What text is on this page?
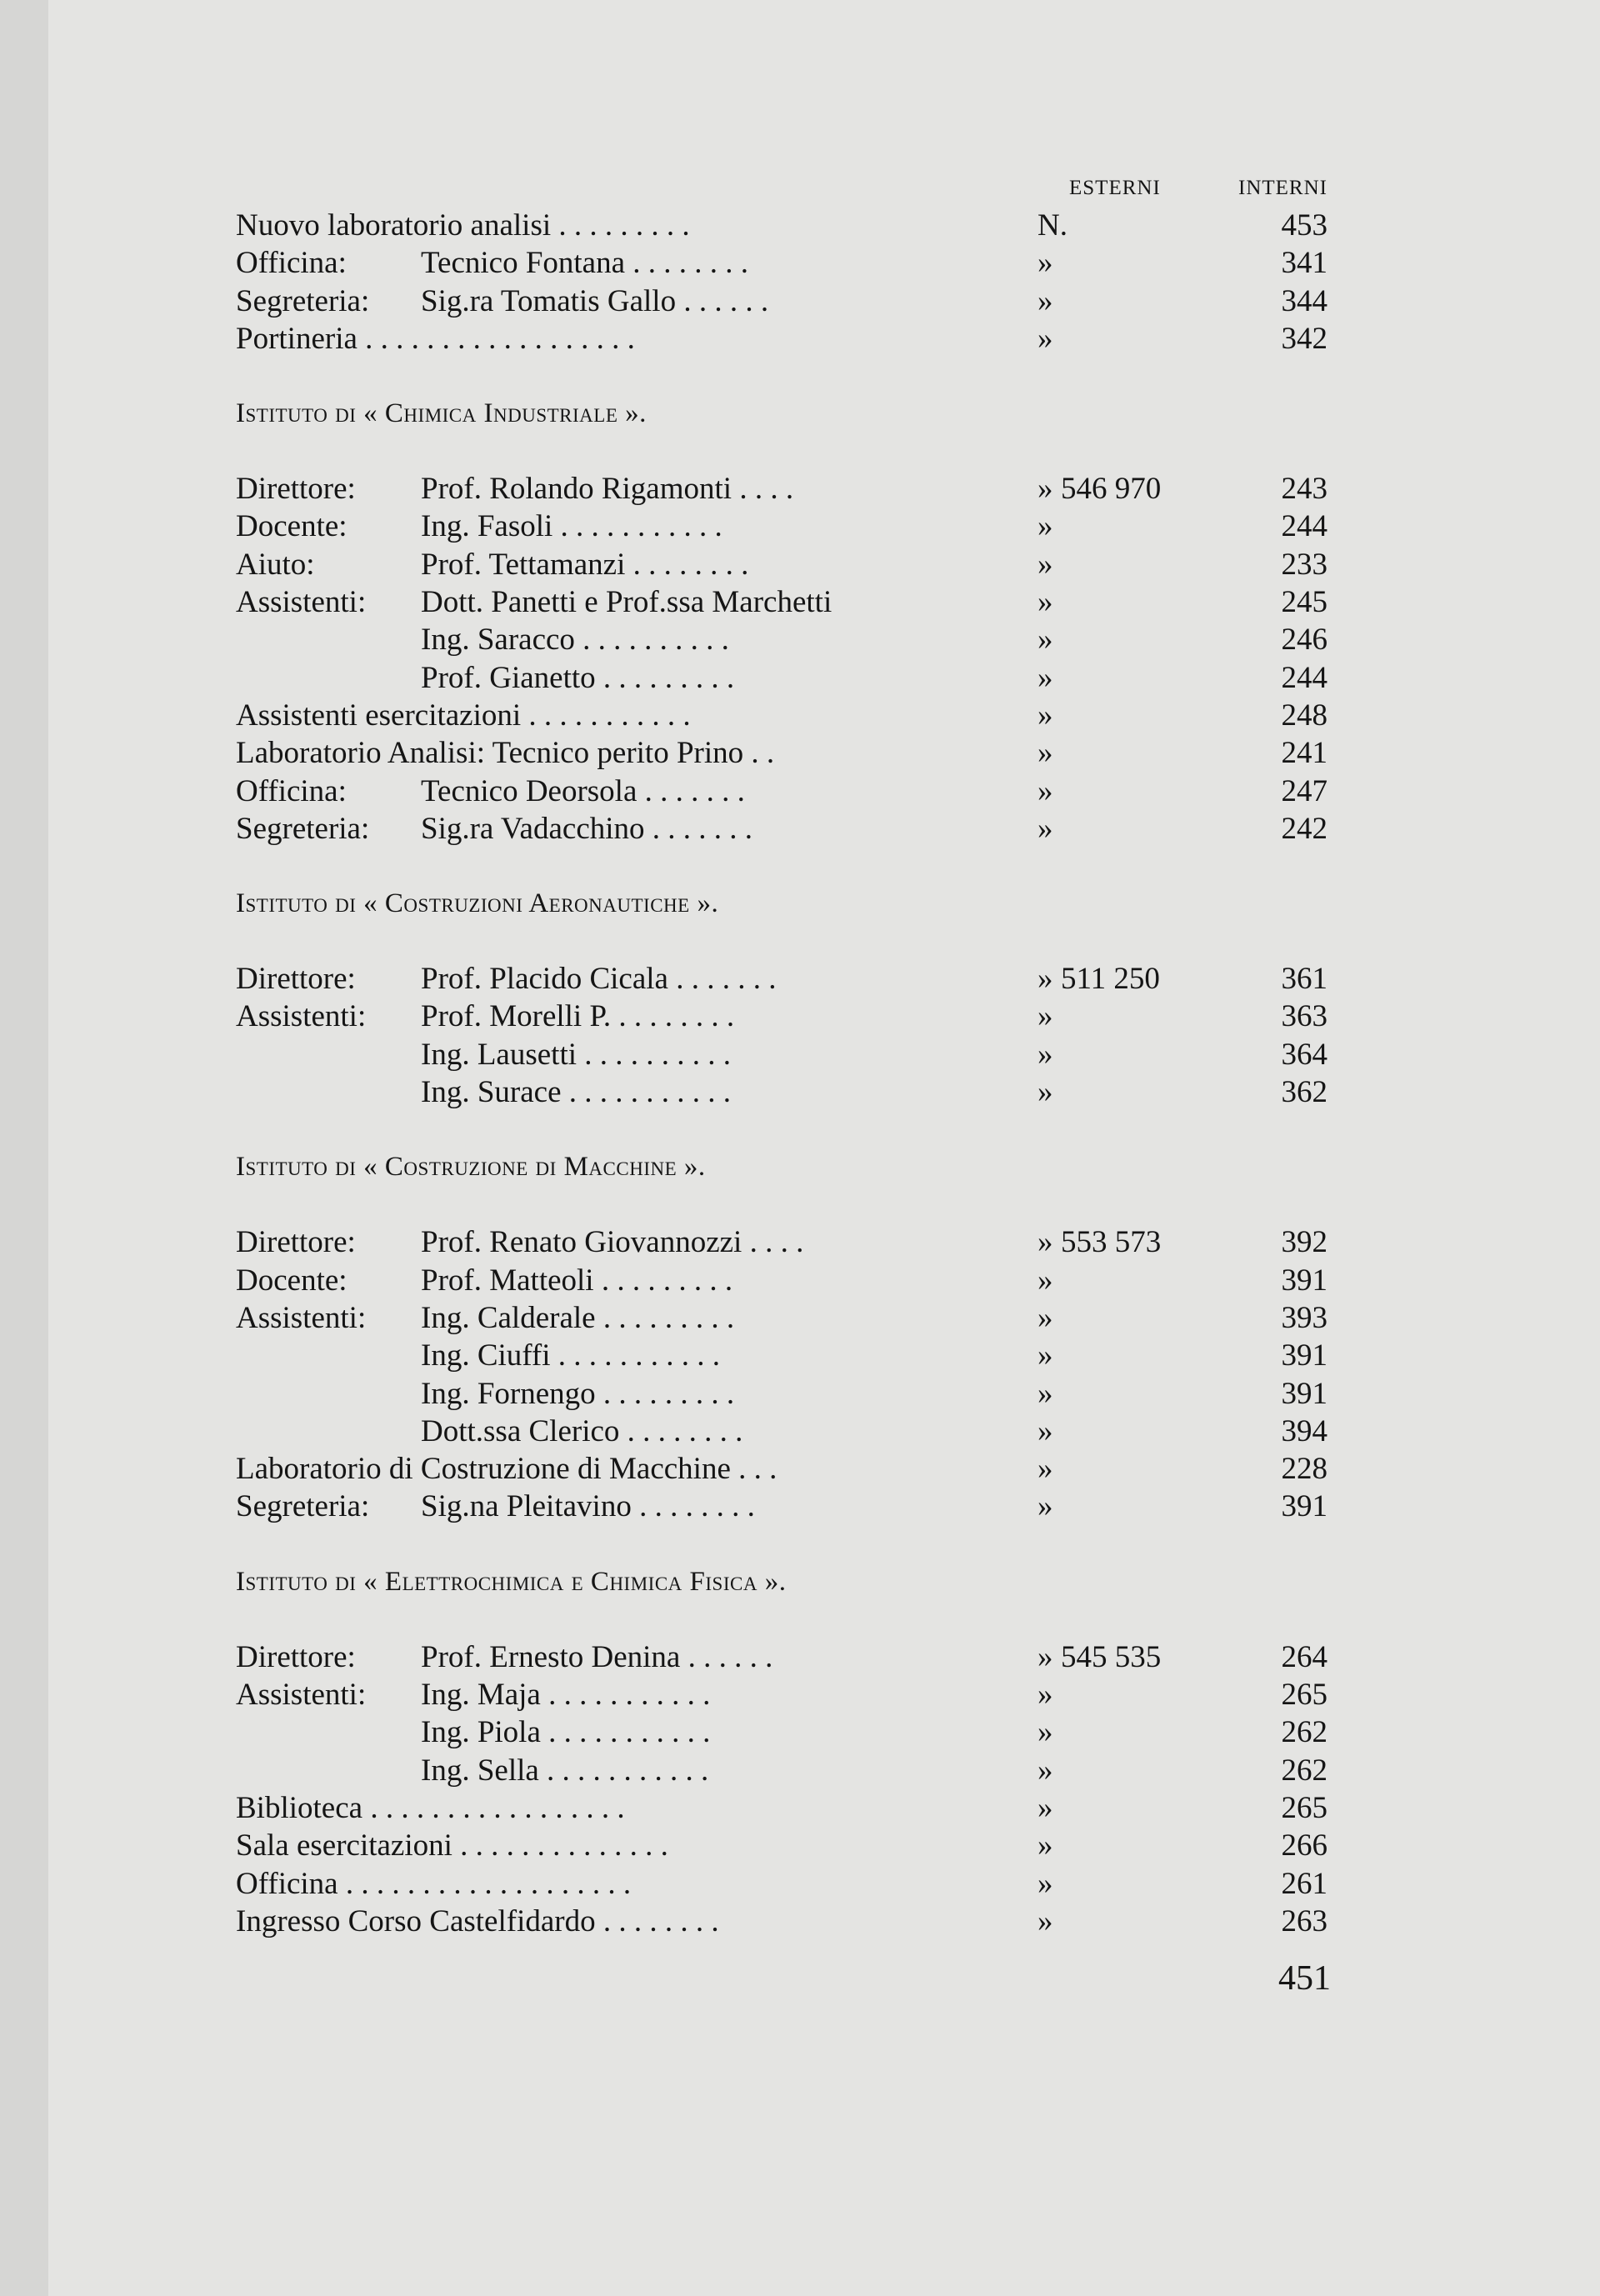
ESTERNI	INTERNI
Nuovo laboratorio analisi . . . . . . . . .	N.	453
Officina: Tecnico Fontana . . . . . . . .	»	341
Segreteria: Sig.ra Tomatis Gallo . . . . . .	»	344
Portineria . . . . . . . . . . . . . . . . . .	»	342
Istituto di « Chimica Industriale ».
Direttore: Prof. Rolando Rigamonti . . . .	» 546 970	243
Docente: Ing. Fasoli . . . . . . . . . . .	»	244
Aiuto:	Prof. Tettamanzi . . . . . . . .	»	233
Assistenti: Dott. Panetti e Prof.ssa Marchetti	»	245
Ing. Saracco . . . . . . . . . .	»	246
Prof. Gianetto . . . . . . . . .	»	244
Assistenti esercitazioni . . . . . . . . . . .	»	248
Laboratorio Analisi: Tecnico perito Prino . .	»	241
Officina: Tecnico Deorsola . . . . . . .	»	247
Segreteria: Sig.ra Vadacchino . . . . . . .	»	242
Istituto di « Costruzioni Aeronautiche ».
Direttore: Prof. Placido Cicala . . . . . . .	» 511 250	361
Assistenti: Prof. Morelli P. . . . . . . . .	»	363
Ing. Lausetti . . . . . . . . . .	»	364
Ing. Surace . . . . . . . . . . .	»	362
Istituto di « Costruzione di Macchine ».
Direttore: Prof. Renato Giovannozzi . . . .	» 553 573	392
Docente: Prof. Matteoli . . . . . . . . .	»	391
Assistenti: Ing. Calderale . . . . . . . . .	»	393
Ing. Ciuffi . . . . . . . . . . .	»	391
Ing. Fornengo . . . . . . . . .	»	391
Dott.ssa Clerico . . . . . . . .	»	394
Laboratorio di Costruzione di Macchine . . .	»	228
Segreteria: Sig.na Pleitavino . . . . . . . .	»	391
Istituto di « Elettrochimica e Chimica Fisica ».
Direttore: Prof. Ernesto Denina . . . . . .	» 545 535	264
Assistenti: Ing. Maja . . . . . . . . . . .	»	265
Ing. Piola . . . . . . . . . . .	»	262
Ing. Sella . . . . . . . . . . .	»	262
Biblioteca . . . . . . . . . . . . . . . . .	»	265
Sala esercitazioni . . . . . . . . . . . . . .	»	266
Officina . . . . . . . . . . . . . . . . . . .	»	261
Ingresso Corso Castelfidardo . . . . . . . .	»	263
451
